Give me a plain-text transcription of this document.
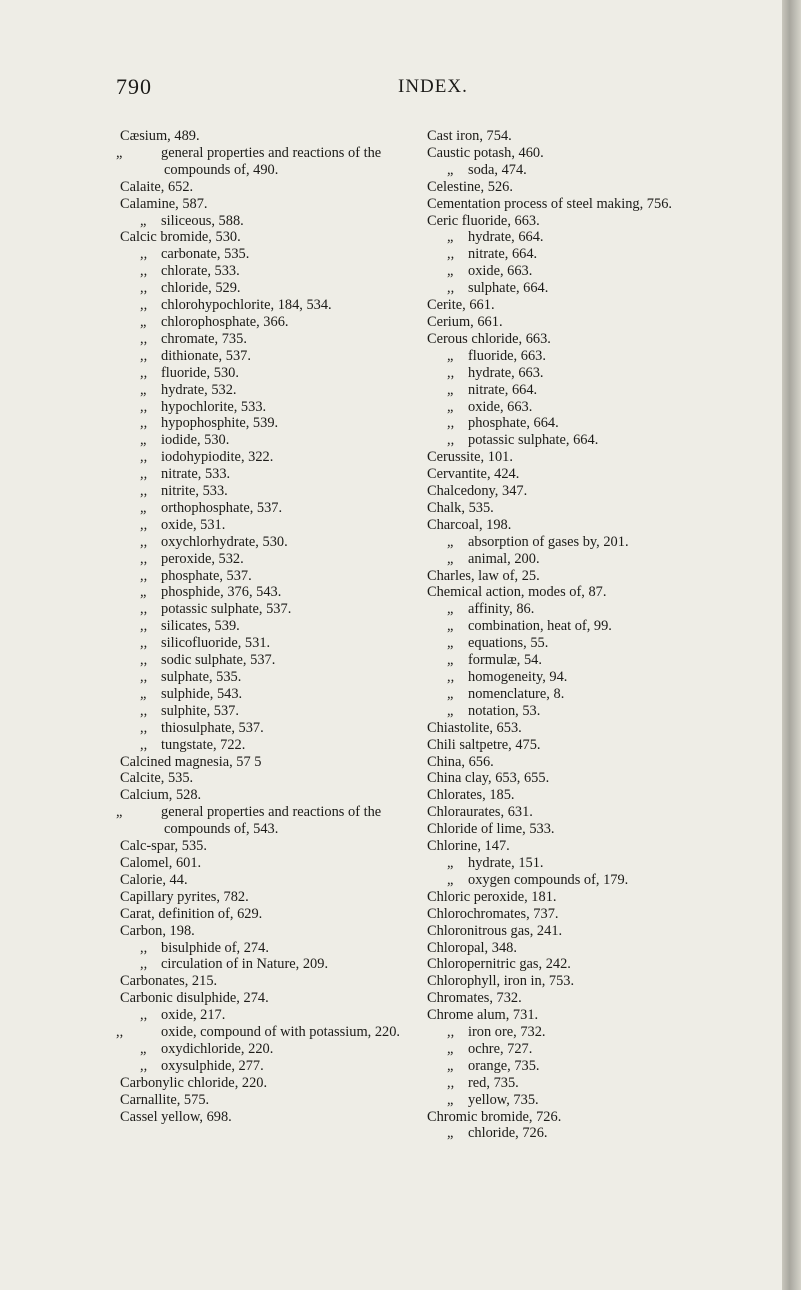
790	INDEX.
Cæsium, 489.
„	general properties and reactions of the compounds of, 490.
Calaite, 652.
Calamine, 587.
„ siliceous, 588.
Calcic bromide, 530.
,, carbonate, 535.
,, chlorate, 533.
,, chloride, 529.
,, chlorohypochlorite, 184, 534.
„ chlorophosphate, 366.
,, chromate, 735.
,, dithionate, 537.
,, fluoride, 530.
„ hydrate, 532.
,, hypochlorite, 533.
,, hypophosphite, 539.
„ iodide, 530.
,, iodohypiodite, 322.
,, nitrate, 533.
,, nitrite, 533.
„ orthophosphate, 537.
,, oxide, 531.
,, oxychlorhydrate, 530.
,, peroxide, 532.
,, phosphate, 537.
„ phosphide, 376, 543.
,, potassic sulphate, 537.
,, silicates, 539.
,, silicofluoride, 531.
,, sodic sulphate, 537.
,, sulphate, 535.
„ sulphide, 543.
,, sulphite, 537.
,, thiosulphate, 537.
,, tungstate, 722.
Calcined magnesia, 57 5
Calcite, 535.
Calcium, 528.
„	general properties and reactions of the compounds of, 543.
Calc-spar, 535.
Calomel, 601.
Calorie, 44.
Capillary pyrites, 782.
Carat, definition of, 629.
Carbon, 198.
,, bisulphide of, 274.
,, circulation of in Nature, 209.
Carbonates, 215.
Carbonic disulphide, 274.
,, oxide, 217.
,,	oxide, compound of with potassium, 220.
„ oxydichloride, 220.
,, oxysulphide, 277.
Carbonylic chloride, 220.
Carnallite, 575.
Cassel yellow, 698.
Cast iron, 754.
Caustic potash, 460.
„ soda, 474.
Celestine, 526.
Cementation process of steel making, 756.
Ceric fluoride, 663.
„ hydrate, 664.
,, nitrate, 664.
„ oxide, 663.
,, sulphate, 664.
Cerite, 661.
Cerium, 661.
Cerous chloride, 663.
„ fluoride, 663.
,, hydrate, 663.
„ nitrate, 664.
„ oxide, 663.
,, phosphate, 664.
,, potassic sulphate, 664.
Cerussite, 101.
Cervantite, 424.
Chalcedony, 347.
Chalk, 535.
Charcoal, 198.
„ absorption of gases by, 201.
„ animal, 200.
Charles, law of, 25.
Chemical action, modes of, 87.
„ affinity, 86.
„ combination, heat of, 99.
„ equations, 55.
„ formulæ, 54.
,, homogeneity, 94.
„ nomenclature, 8.
„ notation, 53.
Chiastolite, 653.
Chili saltpetre, 475.
China, 656.
China clay, 653, 655.
Chlorates, 185.
Chloraurates, 631.
Chloride of lime, 533.
Chlorine, 147.
„ hydrate, 151.
„ oxygen compounds of, 179.
Chloric peroxide, 181.
Chlorochromates, 737.
Chloronitrous gas, 241.
Chloropal, 348.
Chloropernitric gas, 242.
Chlorophyll, iron in, 753.
Chromates, 732.
Chrome alum, 731.
,, iron ore, 732.
„ ochre, 727.
„ orange, 735.
,, red, 735.
„ yellow, 735.
Chromic bromide, 726.
„ chloride, 726.
